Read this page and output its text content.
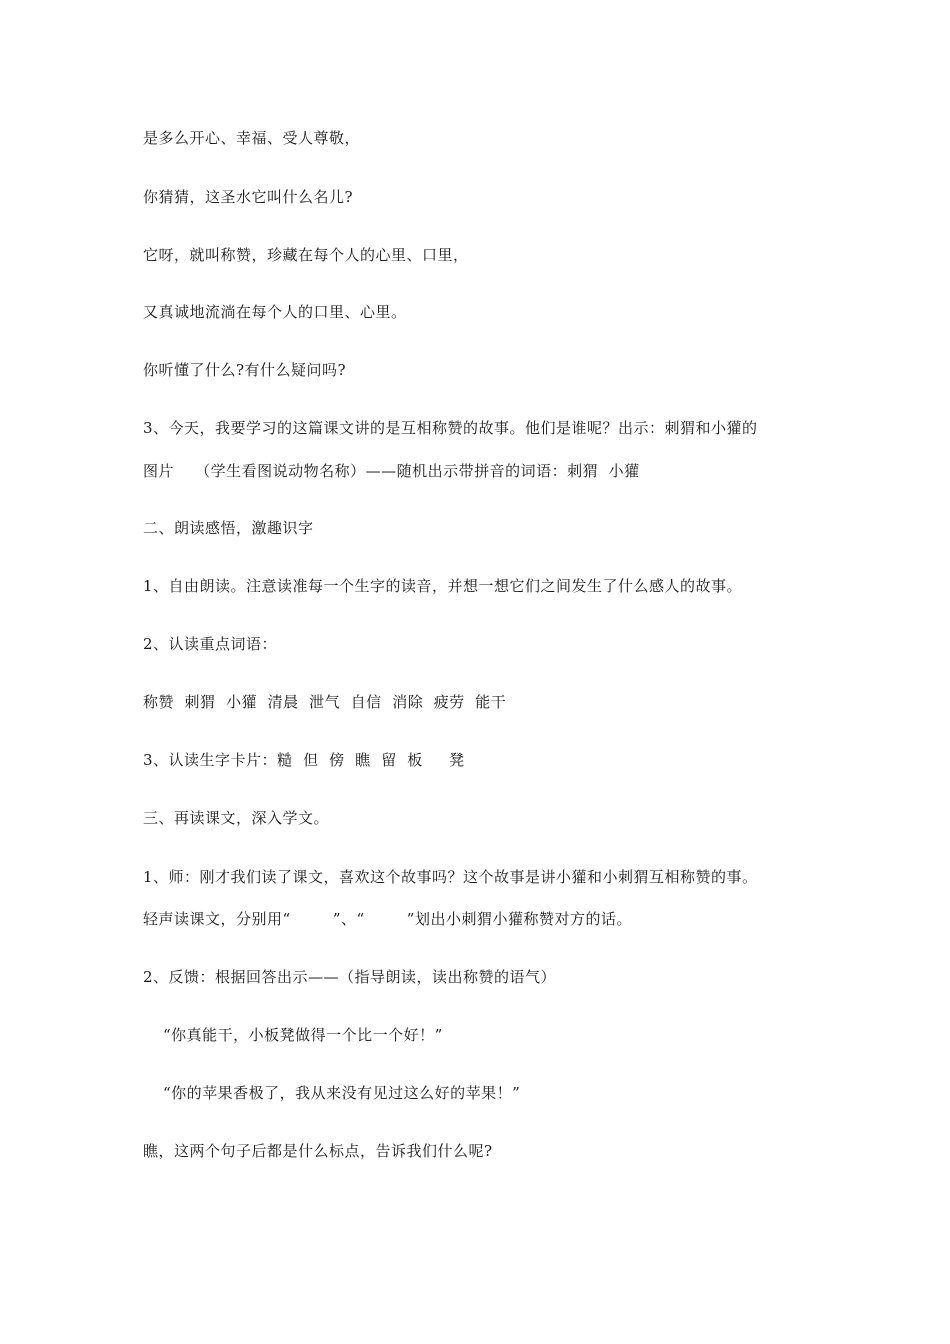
是多么开心、幸福、受人尊敬，
你猜猜，这圣水它叫什么名儿?
它呀，就叫称赞，珍藏在每个人的心里、口里，
又真诚地流淌在每个人的口里、心里。
你听懂了什么?有什么疑问吗?
3、今天，我要学习的这篇课文讲的是互相称赞的故事。他们是谁呢？出示：刺猬和小獾的
图片    （学生看图说动物名称）——随机出示带拼音的词语：刺猬  小獾
二、朗读感悟，激趣识字
1、自由朗读。注意读准每一个生字的读音，并想一想它们之间发生了什么感人的故事。
2、认读重点词语：
称赞  刺猬  小獾  清晨  泄气  自信  消除  疲劳  能干
3、认读生字卡片：糙  但  傍  瞧  留  板     凳
三、再读课文，深入学文。
1、师：刚才我们读了课文，喜欢这个故事吗？这个故事是讲小獾和小刺猬互相称赞的事。
轻声读课文，分别用“        ”、“        ”划出小刺猬小獾称赞对方的话。
2、反馈：根据回答出示——（指导朗读，读出称赞的语气）
“你真能干，小板凳做得一个比一个好！”
“你的苹果香极了，我从来没有见过这么好的苹果！”
瞧，这两个句子后都是什么标点，告诉我们什么呢?
